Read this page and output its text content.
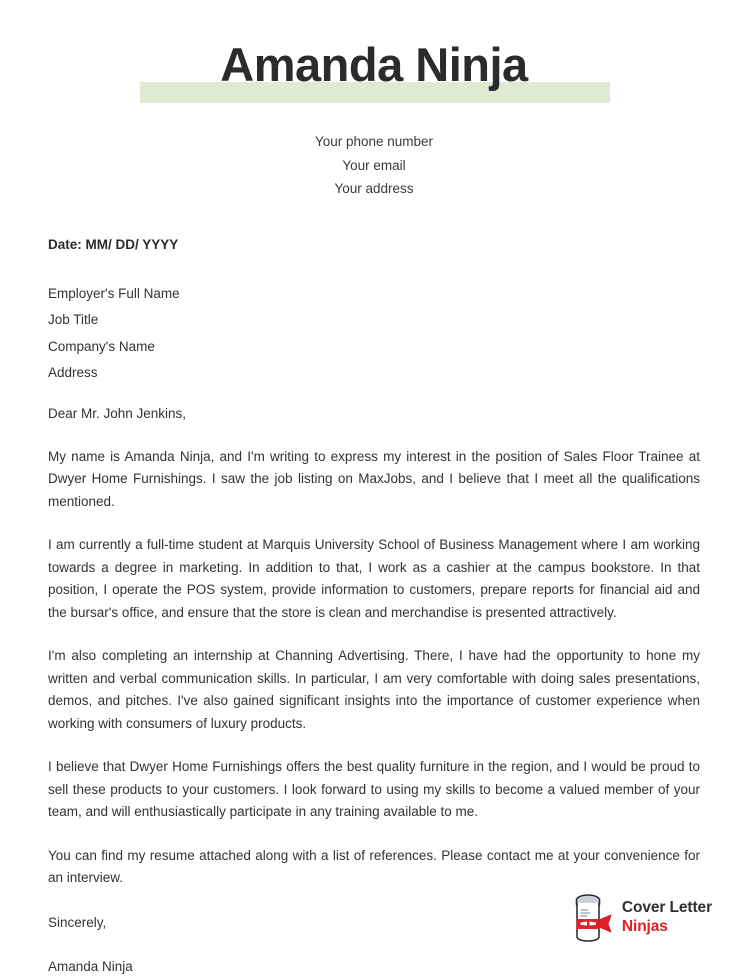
Amanda Ninja
Your phone number
Your email
Your address
Date: MM/ DD/ YYYY
Employer's Full Name
Job Title
Company's Name
Address
Dear Mr. John Jenkins,

My name is Amanda Ninja, and I'm writing to express my interest in the position of Sales Floor Trainee at Dwyer Home Furnishings. I saw the job listing on MaxJobs, and I believe that I meet all the qualifications mentioned.

I am currently a full-time student at Marquis University School of Business Management where I am working towards a degree in marketing. In addition to that, I work as a cashier at the campus bookstore. In that position, I operate the POS system, provide information to customers, prepare reports for financial aid and the bursar's office, and ensure that the store is clean and merchandise is presented attractively.

I'm also completing an internship at Channing Advertising. There, I have had the opportunity to hone my written and verbal communication skills. In particular, I am very comfortable with doing sales presentations, demos, and pitches. I've also gained significant insights into the importance of customer experience when working with consumers of luxury products.

I believe that Dwyer Home Furnishings offers the best quality furniture in the region, and I would be proud to sell these products to your customers. I look forward to using my skills to become a valued member of your team, and will enthusiastically participate in any training available to me.

You can find my resume attached along with a list of references. Please contact me at your convenience for an interview.

Sincerely,
Amanda Ninja
Cover Letter
Ninjas
